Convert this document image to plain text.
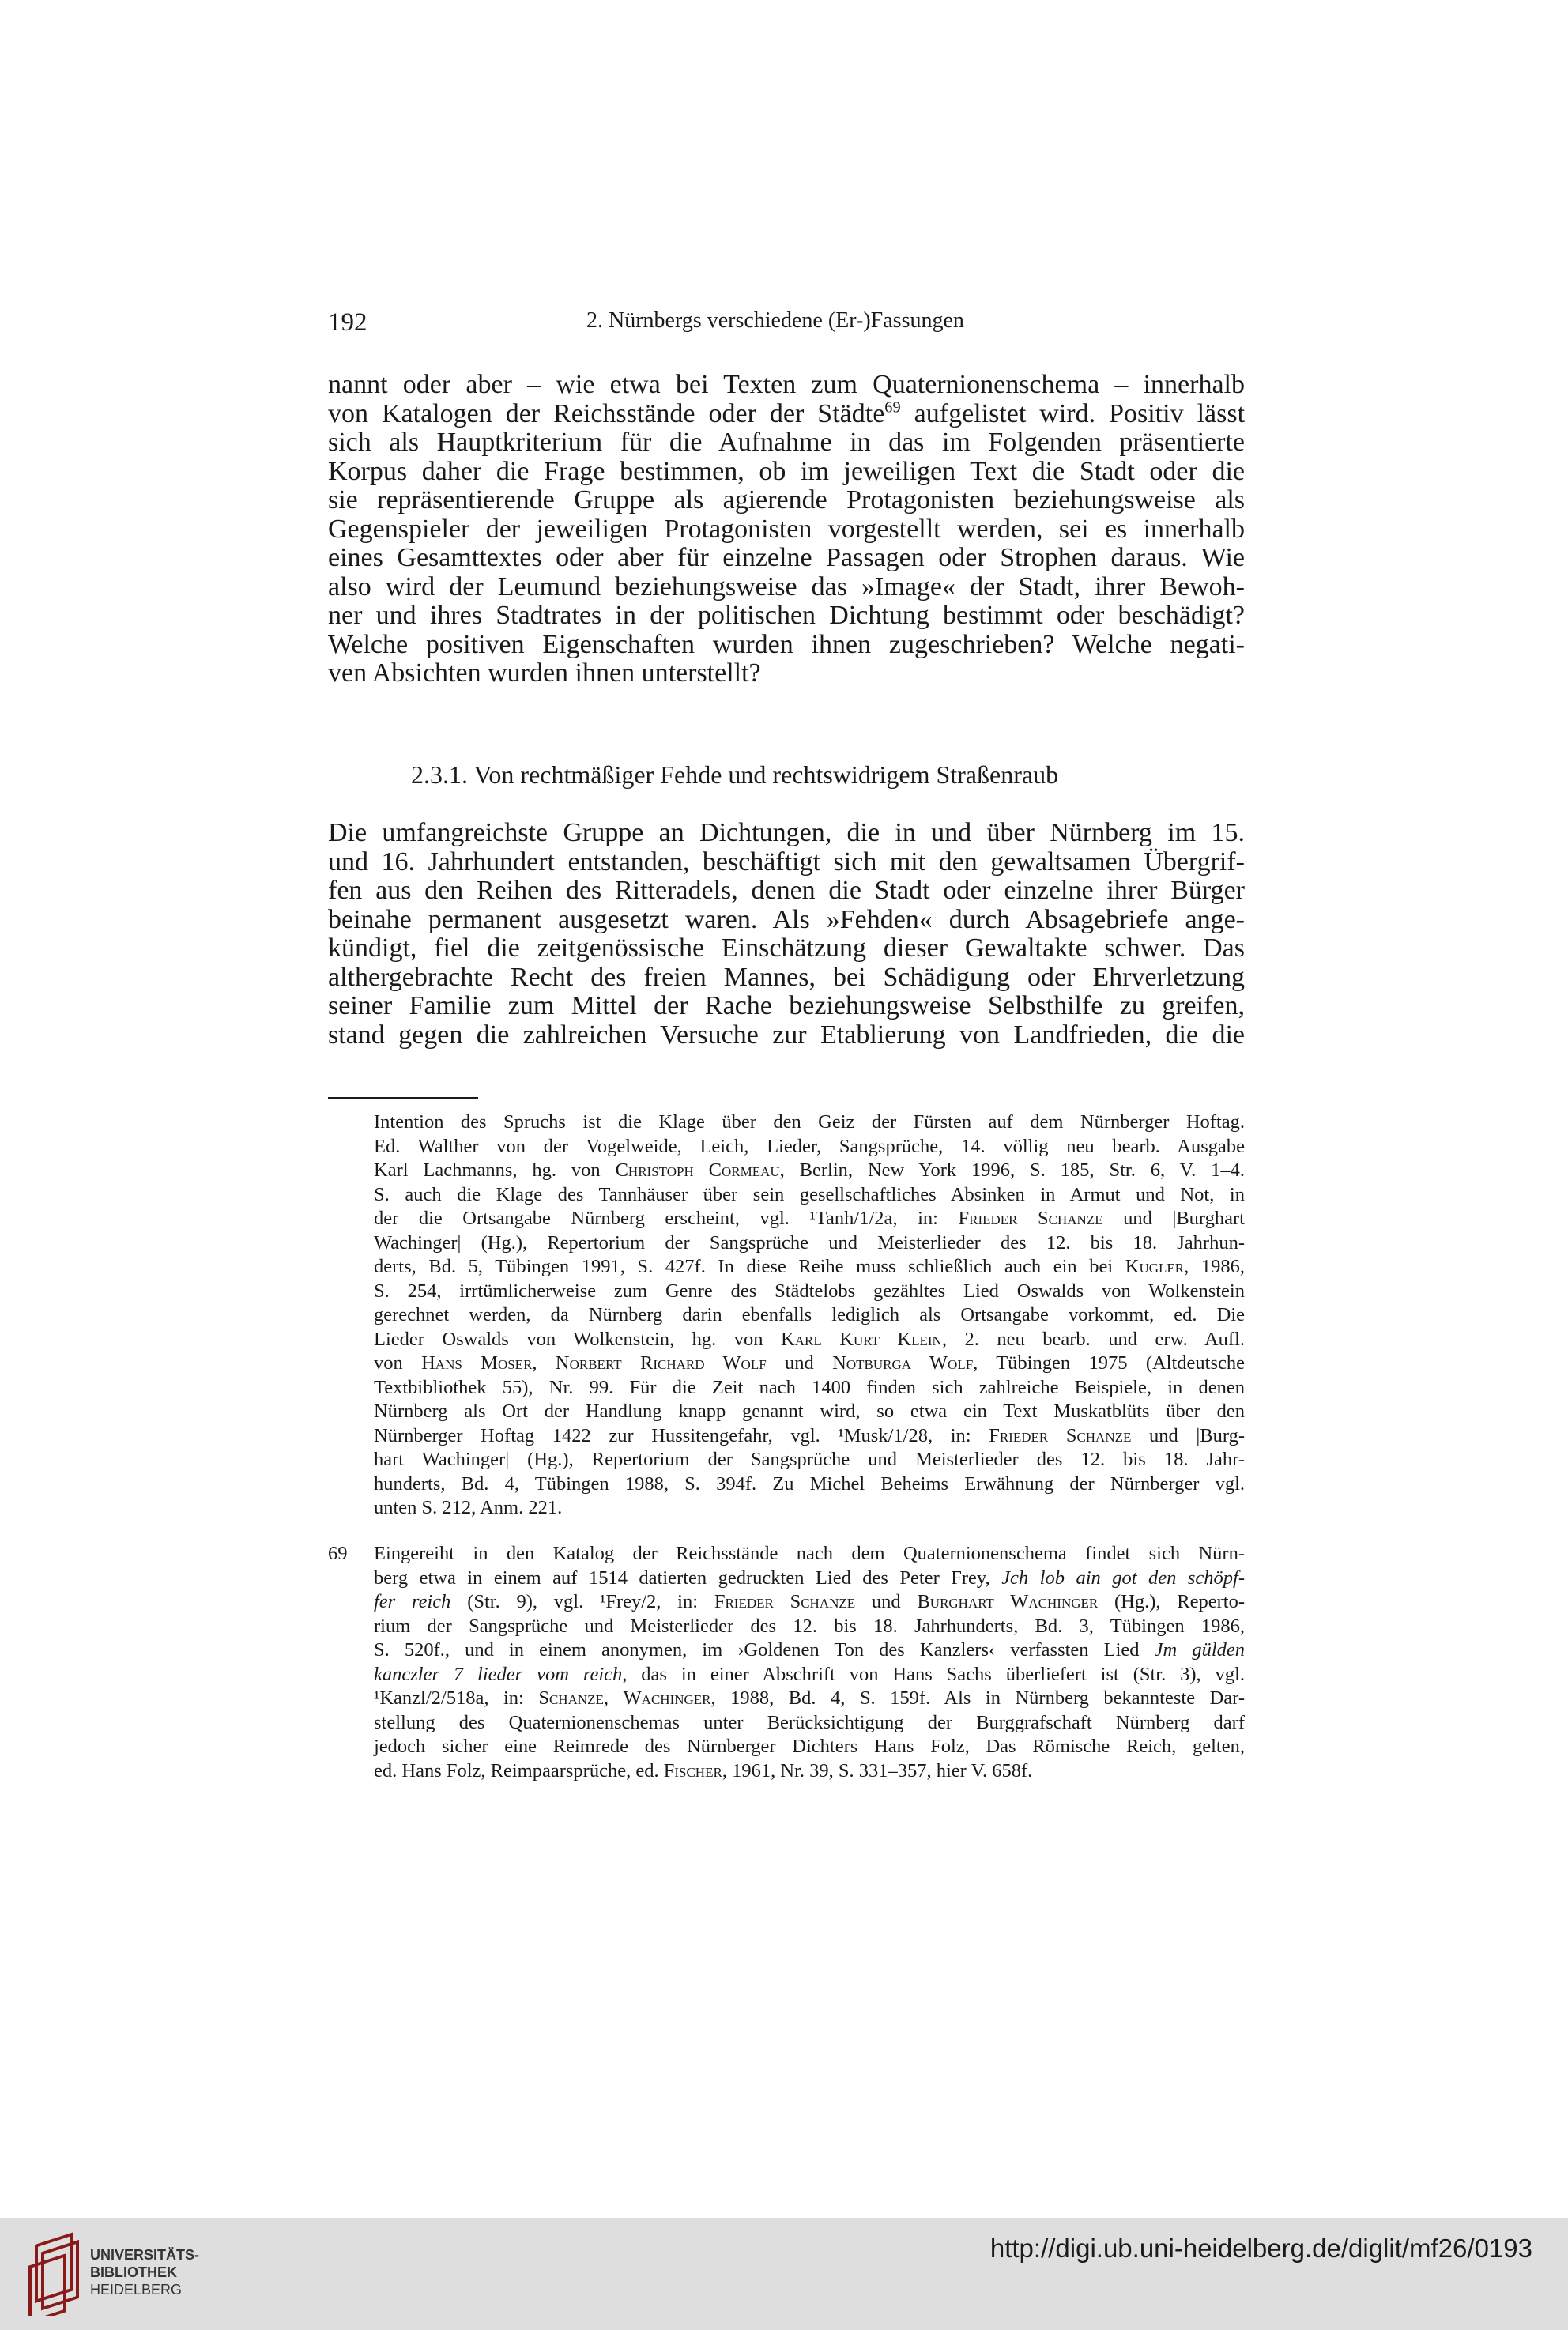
192	2. Nürnbergs verschiedene (Er-)Fassungen
nannt oder aber – wie etwa bei Texten zum Quaternionenschema – innerhalb
von Katalogen der Reichsstände oder der Städte$^{69}$ aufgelistet wird. Positiv lässt
sich als Hauptkriterium für die Aufnahme in das im Folgenden präsentierte
Korpus daher die Frage bestimmen, ob im jeweiligen Text die Stadt oder die
sie repräsentierende Gruppe als agierende Protagonisten beziehungsweise als
Gegenspieler der jeweiligen Protagonisten vorgestellt werden, sei es innerhalb
eines Gesamttextes oder aber für einzelne Passagen oder Strophen daraus. Wie
also wird der Leumund beziehungsweise das »Image« der Stadt, ihrer Bewoh-
ner und ihres Stadtrates in der politischen Dichtung bestimmt oder beschädigt?
Welche positiven Eigenschaften wurden ihnen zugeschrieben? Welche negati-
ven Absichten wurden ihnen unterstellt?
2.3.1. Von rechtmäßiger Fehde und rechtswidrigem Straßenraub
Die umfangreichste Gruppe an Dichtungen, die in und über Nürnberg im 15.
und 16. Jahrhundert entstanden, beschäftigt sich mit den gewaltsamen Übergrif-
fen aus den Reihen des Ritteradels, denen die Stadt oder einzelne ihrer Bürger
beinahe permanent ausgesetzt waren. Als »Fehden« durch Absagebriefe ange-
kündigt, fiel die zeitgenössische Einschätzung dieser Gewaltakte schwer. Das
althergebrachte Recht des freien Mannes, bei Schädigung oder Ehrverletzung
seiner Familie zum Mittel der Rache beziehungsweise Selbsthilfe zu greifen,
stand gegen die zahlreichen Versuche zur Etablierung von Landfrieden, die die
Intention des Spruchs ist die Klage über den Geiz der Fürsten auf dem Nürnberger Hoftag.
Ed. Walther von der Vogelweide, Leich, Lieder, Sangsprüche, 14. völlig neu bearb. Ausgabe
Karl Lachmanns, hg. von Christoph Cormeau, Berlin, New York 1996, S. 185, Str. 6, V. 1–4.
S. auch die Klage des Tannhäuser über sein gesellschaftliches Absinken in Armut und Not, in
der die Ortsangabe Nürnberg erscheint, vgl. ¹Tanh/1/2a, in: Frieder Schanze und |Burghart
Wachinger| (Hg.), Repertorium der Sangsprüche und Meisterlieder des 12. bis 18. Jahrhun-
derts, Bd. 5, Tübingen 1991, S. 427f. In diese Reihe muss schließlich auch ein bei Kugler, 1986,
S. 254, irrtümlicherweise zum Genre des Städtelobs gezähltes Lied Oswalds von Wolkenstein
gerechnet werden, da Nürnberg darin ebenfalls lediglich als Ortsangabe vorkommt, ed. Die
Lieder Oswalds von Wolkenstein, hg. von Karl Kurt Klein, 2. neu bearb. und erw. Aufl.
von Hans Moser, Norbert Richard Wolf und Notburga Wolf, Tübingen 1975 (Altdeutsche
Textbibliothek 55), Nr. 99. Für die Zeit nach 1400 finden sich zahlreiche Beispiele, in denen
Nürnberg als Ort der Handlung knapp genannt wird, so etwa ein Text Muskatblüts über den
Nürnberger Hoftag 1422 zur Hussitengefahr, vgl. ¹Musk/1/28, in: Frieder Schanze und |Burg-
hart Wachinger| (Hg.), Repertorium der Sangsprüche und Meisterlieder des 12. bis 18. Jahr-
hunderts, Bd. 4, Tübingen 1988, S. 394f. Zu Michel Beheims Erwähnung der Nürnberger vgl.
unten S. 212, Anm. 221.
69 Eingereiht in den Katalog der Reichsstände nach dem Quaternionenschema findet sich Nürn-
berg etwa in einem auf 1514 datierten gedruckten Lied des Peter Frey, Jch lob ain got den schöpf-
fer reich (Str. 9), vgl. ¹Frey/2, in: Frieder Schanze und Burghart Wachinger (Hg.), Reperto-
rium der Sangsprüche und Meisterlieder des 12. bis 18. Jahrhunderts, Bd. 3, Tübingen 1986,
S. 520f., und in einem anonymen, im ›Goldenen Ton des Kanzlers‹ verfassten Lied Jm gülden
kanczler 7 lieder vom reich, das in einer Abschrift von Hans Sachs überliefert ist (Str. 3), vgl.
¹Kanzl/2/518a, in: Schanze, Wachinger, 1988, Bd. 4, S. 159f. Als in Nürnberg bekannteste Dar-
stellung des Quaternionenschemas unter Berücksichtigung der Burggrafschaft Nürnberg darf
jedoch sicher eine Reimrede des Nürnberger Dichters Hans Folz, Das Römische Reich, gelten,
ed. Hans Folz, Reimpaarsprüche, ed. Fischer, 1961, Nr. 39, S. 331–357, hier V. 658f.
UNIVERSITÄTS-
BIBLIOTHEK
HEIDELBERG
http://digi.ub.uni-heidelberg.de/diglit/mf26/0193
